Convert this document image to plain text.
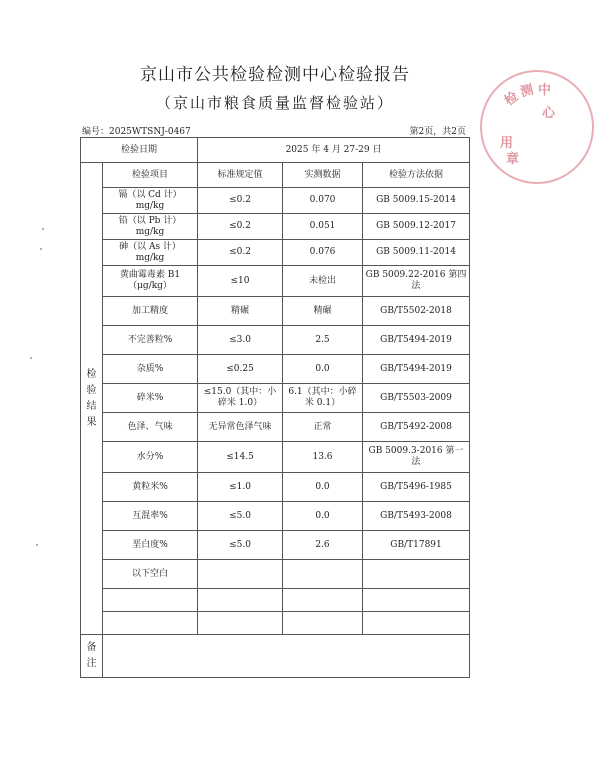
京山市公共检验检测中心检验报告
（京山市粮食质量监督检验站）
编号：2025WTSNJ-0467	第2页，共2页
检验日期		2025 年 4 月 27-29 日		

检
验
结
果	检验项目	标准规定值	实测数据	检验方法依据
	镉（以 Cd 计）mg/kg	≤0.2	0.070	GB 5009.15-2014
	铅（以 Pb 计）mg/kg	≤0.2	0.051	GB 5009.12-2017
	砷（以 As 计）mg/kg	≤0.2	0.076	GB 5009.11-2014
	黄曲霉毒素 B1（μg/kg）	≤10	未检出	GB 5009.22-2016 第四法
	加工精度	精碾	精碾	GB/T5502-2018
	不完善粒%	≤3.0	2.5	GB/T5494-2019
	杂质%	≤0.25	0.0	GB/T5494-2019
	碎米%	≤15.0（其中：小碎米 1.0）	6.1（其中：小碎米 0.1）	GB/T5503-2009
	色泽、气味	无异常色泽气味	正常	GB/T5492-2008
	水分%	≤14.5	13.6	GB 5009.3-2016 第一法
	黄粒米%	≤1.0	0.0	GB/T5496-1985
	互混率%	≤5.0	0.0	GB/T5493-2008
	垩白度%	≤5.0	2.6	GB/T17891
	以下空白			

备
注				

检
测 中
心
用
章
